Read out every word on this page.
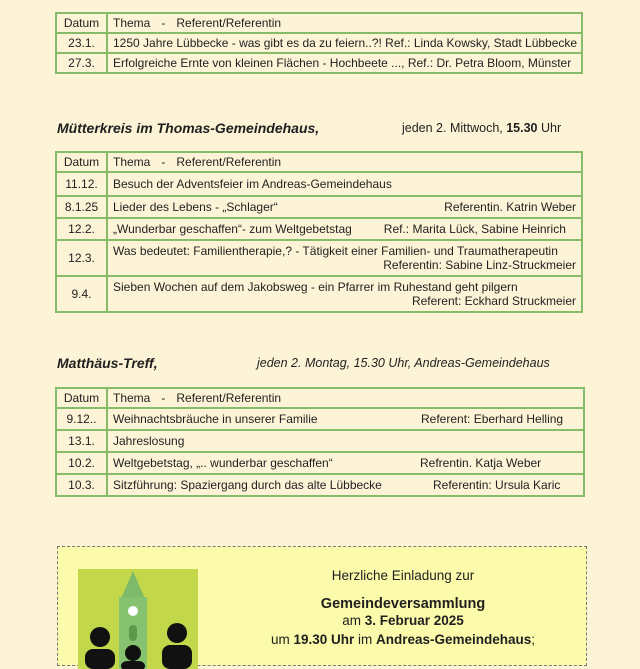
Datum	Thema - Referent/Referentin
23.1.	1250 Jahre Lübbecke - was gibt es da zu feiern..?! Ref.: Linda Kowsky, Stadt Lübbecke
27.3.	Erfolgreiche Ernte von kleinen Flächen - Hochbeete ..., Ref.: Dr. Petra Bloom, Münster
Mütterkreis im Thomas-Gemeindehaus,	jeden 2. Mittwoch, 15.30 Uhr
Datum	Thema - Referent/Referentin
11.12.	Besuch der Adventsfeier im Andreas-Gemeindehaus
8.1.25	Lieder des Lebens - „Schlager“ Referentin. Katrin Weber

12.2.	„Wunderbar geschaffen“- zum Weltgebetstag Ref.: Marita Lück, Sabine Heinrich
12.3.	Was bedeutet: Familientherapie,? - Tätigkeit einer Familien- und Traumatherapeutin
Referentin: Sabine Linz-Struckmeier

9.4.	Sieben Wochen auf dem Jakobsweg - ein Pfarrer im Ruhestand geht pilgern
Referent: Eckhard Struckmeier
Matthäus-Treff,	jeden 2. Montag, 15.30 Uhr, Andreas-Gemeindehaus
Datum	Thema - Referent/Referentin
9.12..	Weihnachtsbräuche in unserer Familie Referent: Eberhard Helling

13.1.	Jahreslosung
10.2.	Weltgebetstag, „.. wunderbar geschaffen“ Refrentin. Katja Weber

10.3.	Sitzführung: Spaziergang durch das alte Lübbecke Referentin: Ursula Karic
Herzliche Einladung zur
Gemeindeversammlung
am 3. Februar 2025
um 19.30 Uhr im Andreas-Gemeindehaus;
